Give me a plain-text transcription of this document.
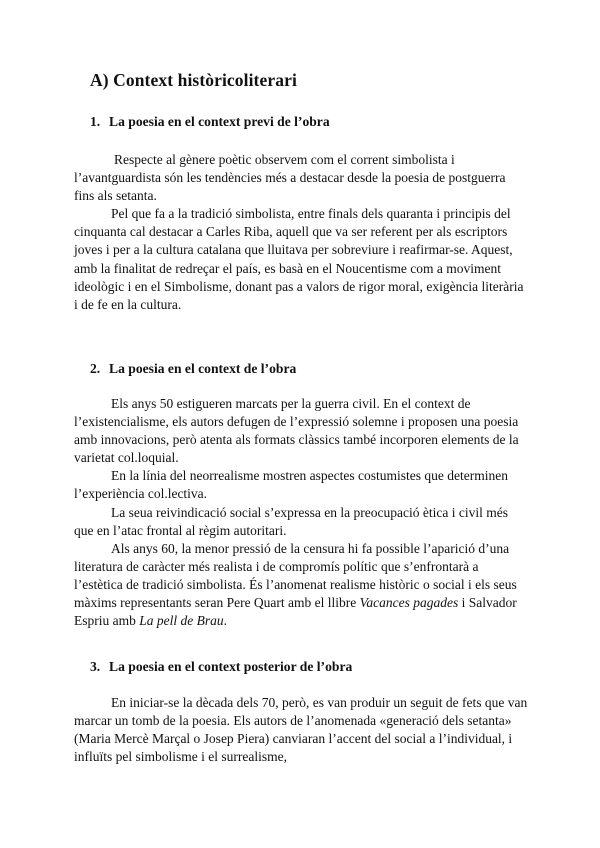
A) Context històricoliterari
1. La poesia en el context previ de l’obra

Respecte al gènere poètic observem com el corrent simbolista i l’avantguardista són les tendències més a destacar desde la poesia de postguerra fins als setanta.

Pel que fa a la tradició simbolista, entre finals dels quaranta i principis del cinquanta cal destacar a Carles Riba, aquell que va ser referent per als escriptors joves i per a la cultura catalana que lluitava per sobreviure i reafirmar-se. Aquest, amb la finalitat de redreçar el país, es basà en el Noucentisme com a moviment ideològic i en el Simbolisme, donant pas a valors de rigor moral, exigència literària i de fe en la cultura.

2. La poesia en el context de l’obra

Els anys 50 estigueren marcats per la guerra civil. En el context de l’existencialisme, els autors defugen de l’expressió solemne i proposen una poesia amb innovacions, però atenta als formats clàssics també incorporen elements de la varietat col.loquial.

En la línia del neorrealisme mostren aspectes costumistes que determinen l’experiència col.lectiva.

La seua reivindicació social s’expressa en la preocupació ètica i civil més que en l’atac frontal al règim autoritari.

Als anys 60, la menor pressió de la censura hi fa possible l’aparició d’una literatura de caràcter més realista i de compromís polític que s’enfrontarà a l’estètica de tradició simbolista. És l’anomenat realisme històric o social i els seus màxims representants seran Pere Quart amb el llibre Vacances pagades i Salvador Espriu amb La pell de Brau.

3. La poesia en el context posterior de l’obra

En iniciar-se la dècada dels 70, però, es van produir un seguit de fets que van marcar un tomb de la poesia. Els autors de l’anomenada «generació dels setanta» (Maria Mercè Marçal o Josep Piera) canviaran l’accent del social a l’individual, i influïts pel simbolisme i el surrealisme,
